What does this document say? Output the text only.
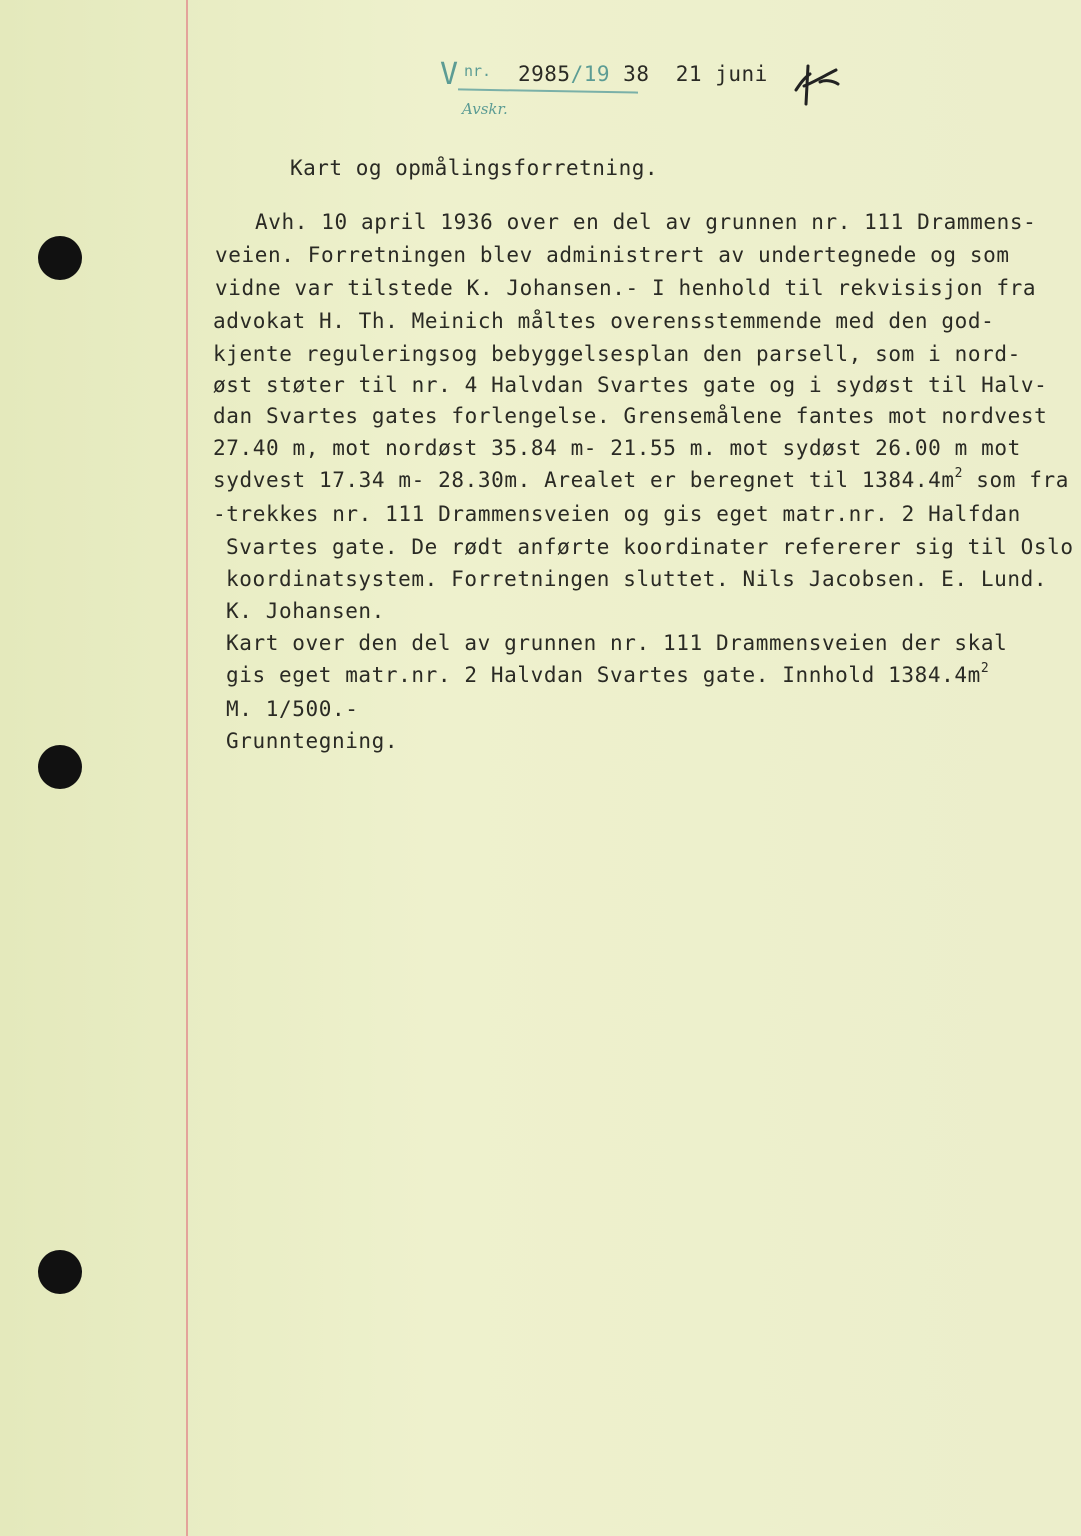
V nr.
Avskr.
2985/19 38 21 juni
Kart og opmålingsforretning.
Avh. 10 april 1936 over en del av grunnen nr. 111 Drammens-
veien. Forretningen blev administrert av undertegnede og som
vidne var tilstede K. Johansen.- I henhold til rekvisisjon fra
advokat H. Th. Meinich måltes overensstemmende med den god-
kjente reguleringsog bebyggelsesplan den parsell, som i nord-
øst støter til nr. 4 Halvdan Svartes gate og i sydøst til Halv-
dan Svartes gates forlengelse. Grensemålene fantes mot nordvest
27.40 m, mot nordøst 35.84 m- 21.55 m. mot sydøst 26.00 m mot
sydvest 17.34 m- 28.30m. Arealet er beregnet til $1384.4m^2$ som fra
-trekkes nr. 111 Drammensveien og gis eget matr.nr. 2 Halfdan
Svartes gate. De rødt anførte koordinater refererer sig til Oslo
koordinatsystem. Forretningen sluttet. Nils Jacobsen. E. Lund.
K. Johansen.
Kart over den del av grunnen nr. 111 Drammensveien der skal
gis eget matr.nr. 2 Halvdan Svartes gate. Innhold $1384.4m^2$
M. 1/500.-
Grunntegning.
